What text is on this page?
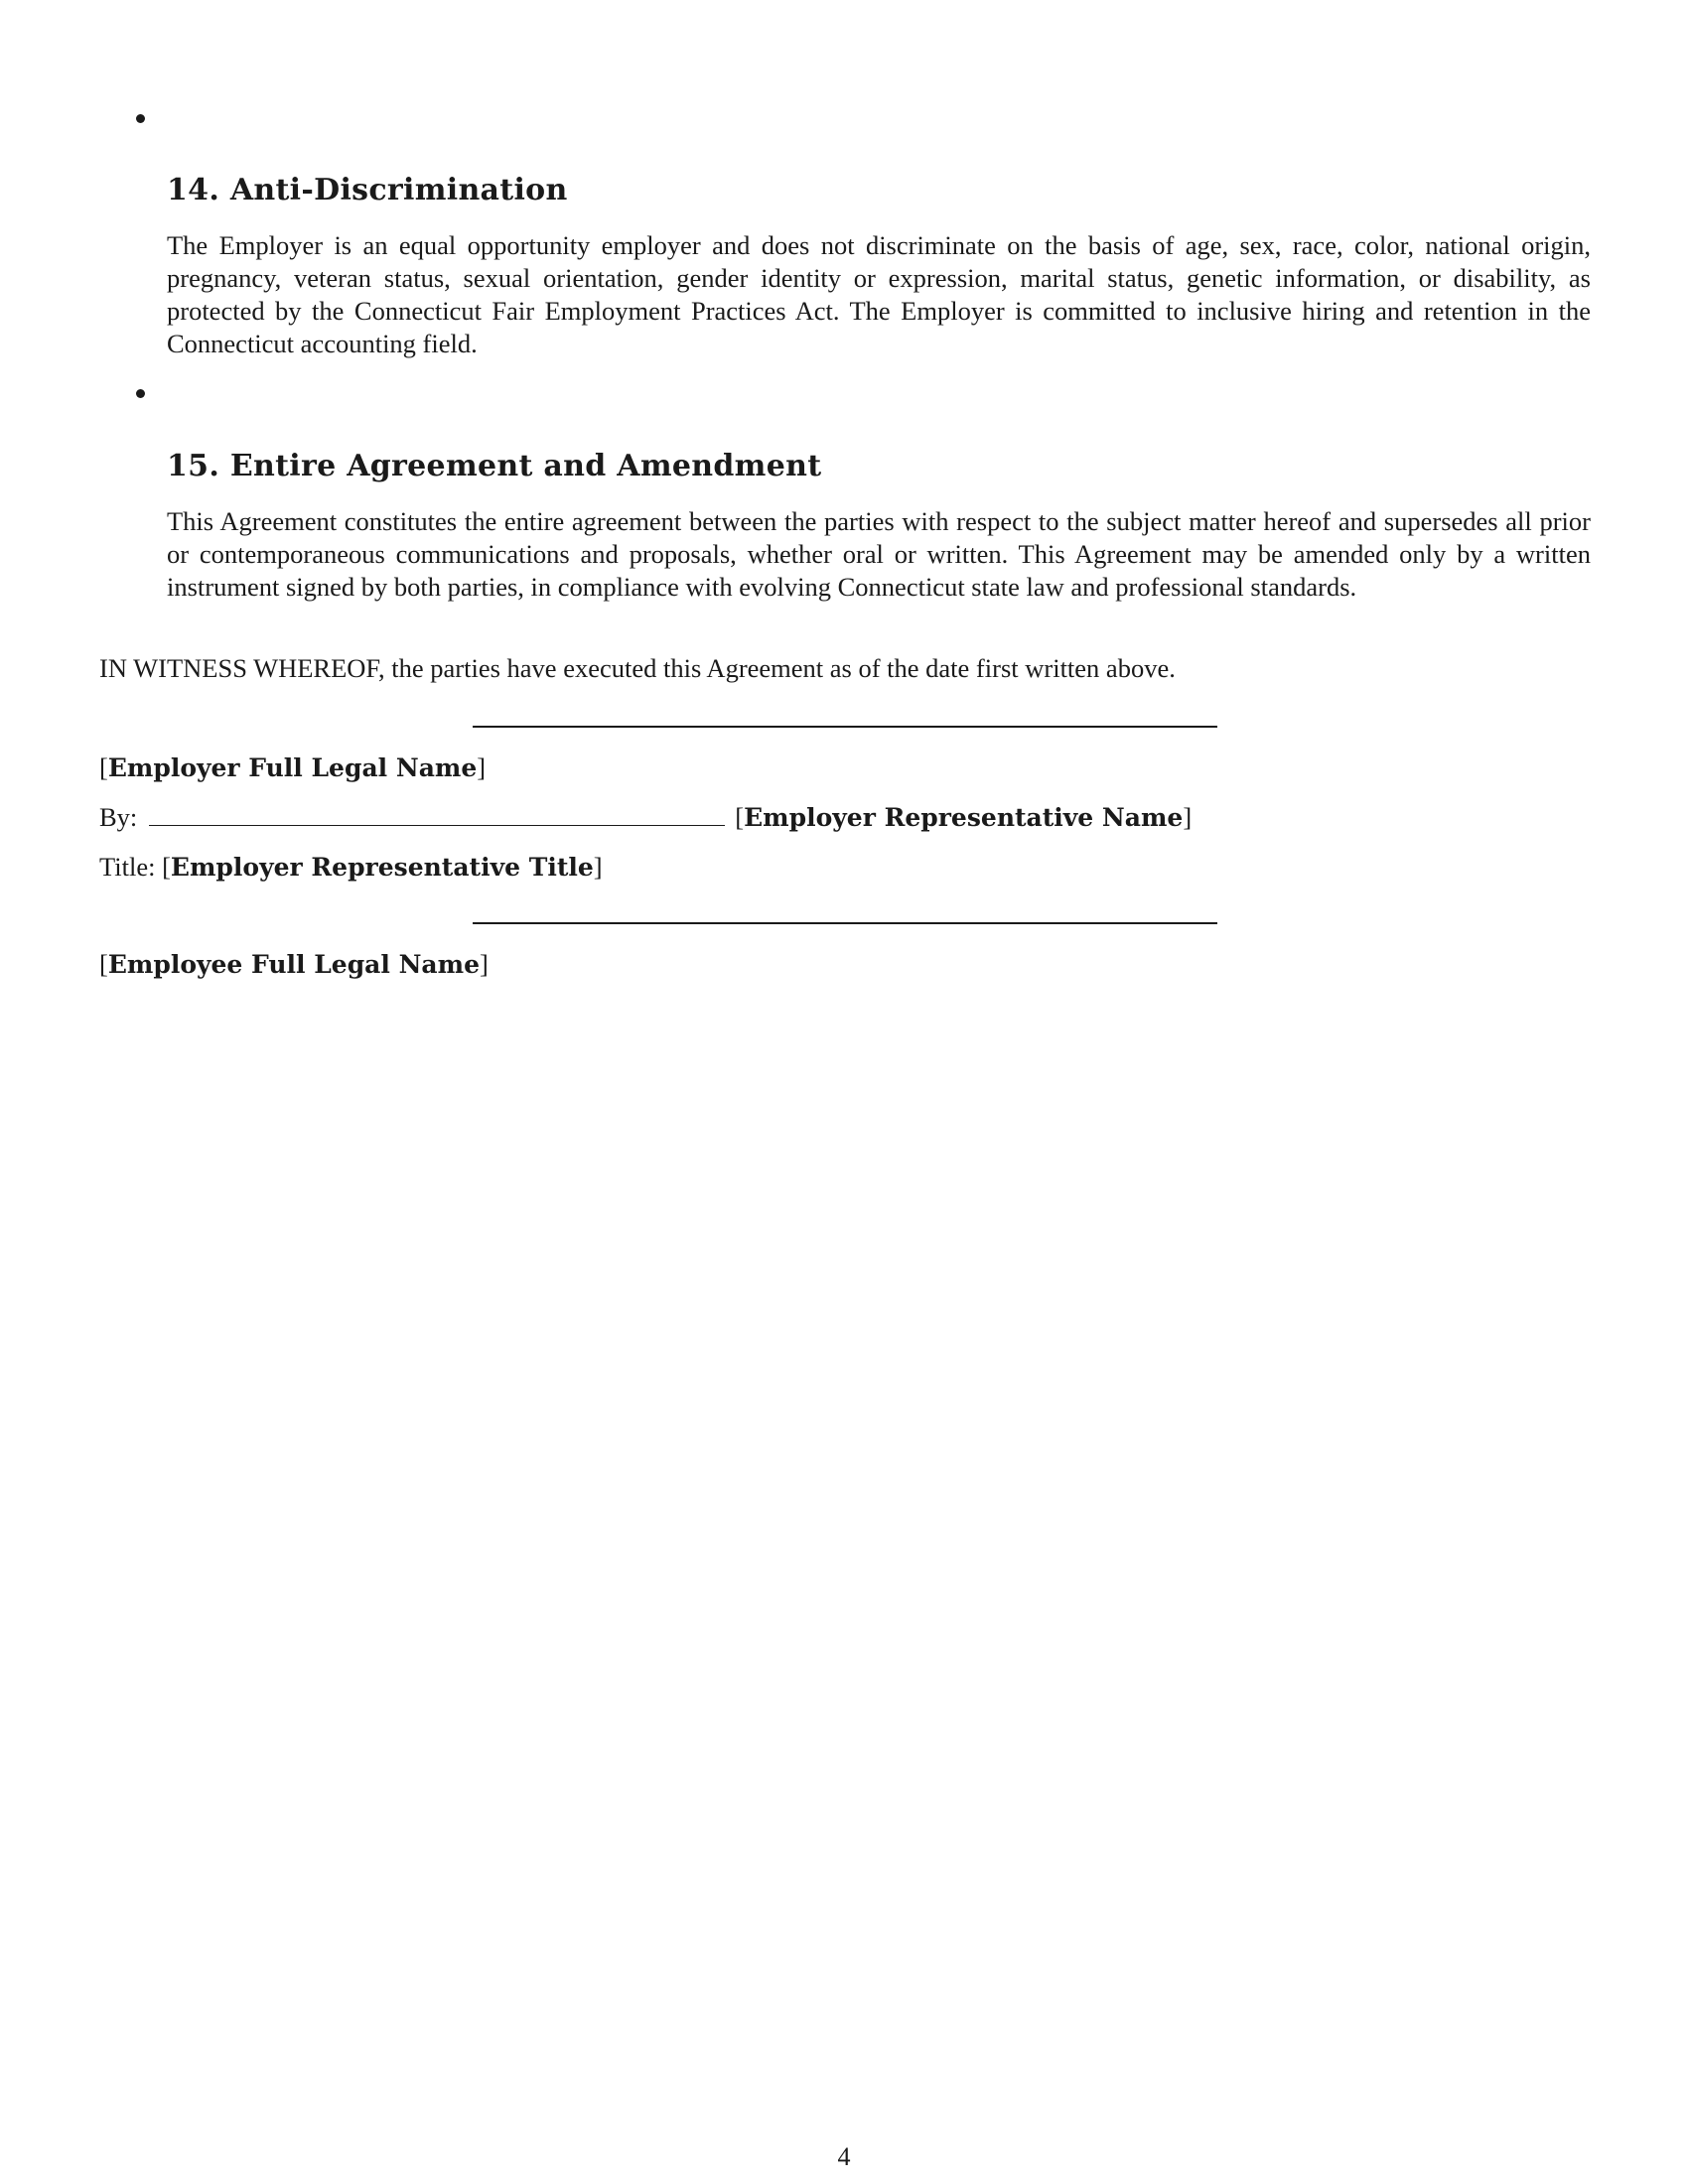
14. Anti-Discrimination

The Employer is an equal opportunity employer and does not discriminate on the basis of age, sex, race, color, national origin, pregnancy, veteran status, sexual orientation, gender identity or expression, marital status, genetic information, or disability, as protected by the Connecticut Fair Employment Practices Act. The Employer is committed to inclusive hiring and retention in the Connecticut accounting field.

15. Entire Agreement and Amendment

This Agreement constitutes the entire agreement between the parties with respect to the subject matter hereof and supersedes all prior or contemporaneous communications and proposals, whether oral or written. This Agreement may be amended only by a written instrument signed by both parties, in compliance with evolving Connecticut state law and professional standards.

IN WITNESS WHEREOF, the parties have executed this Agreement as of the date first written above.

[Employer Full Legal Name]

By:	[Employer Representative Name]

Title: [Employer Representative Title]

[Employee Full Legal Name]

4
